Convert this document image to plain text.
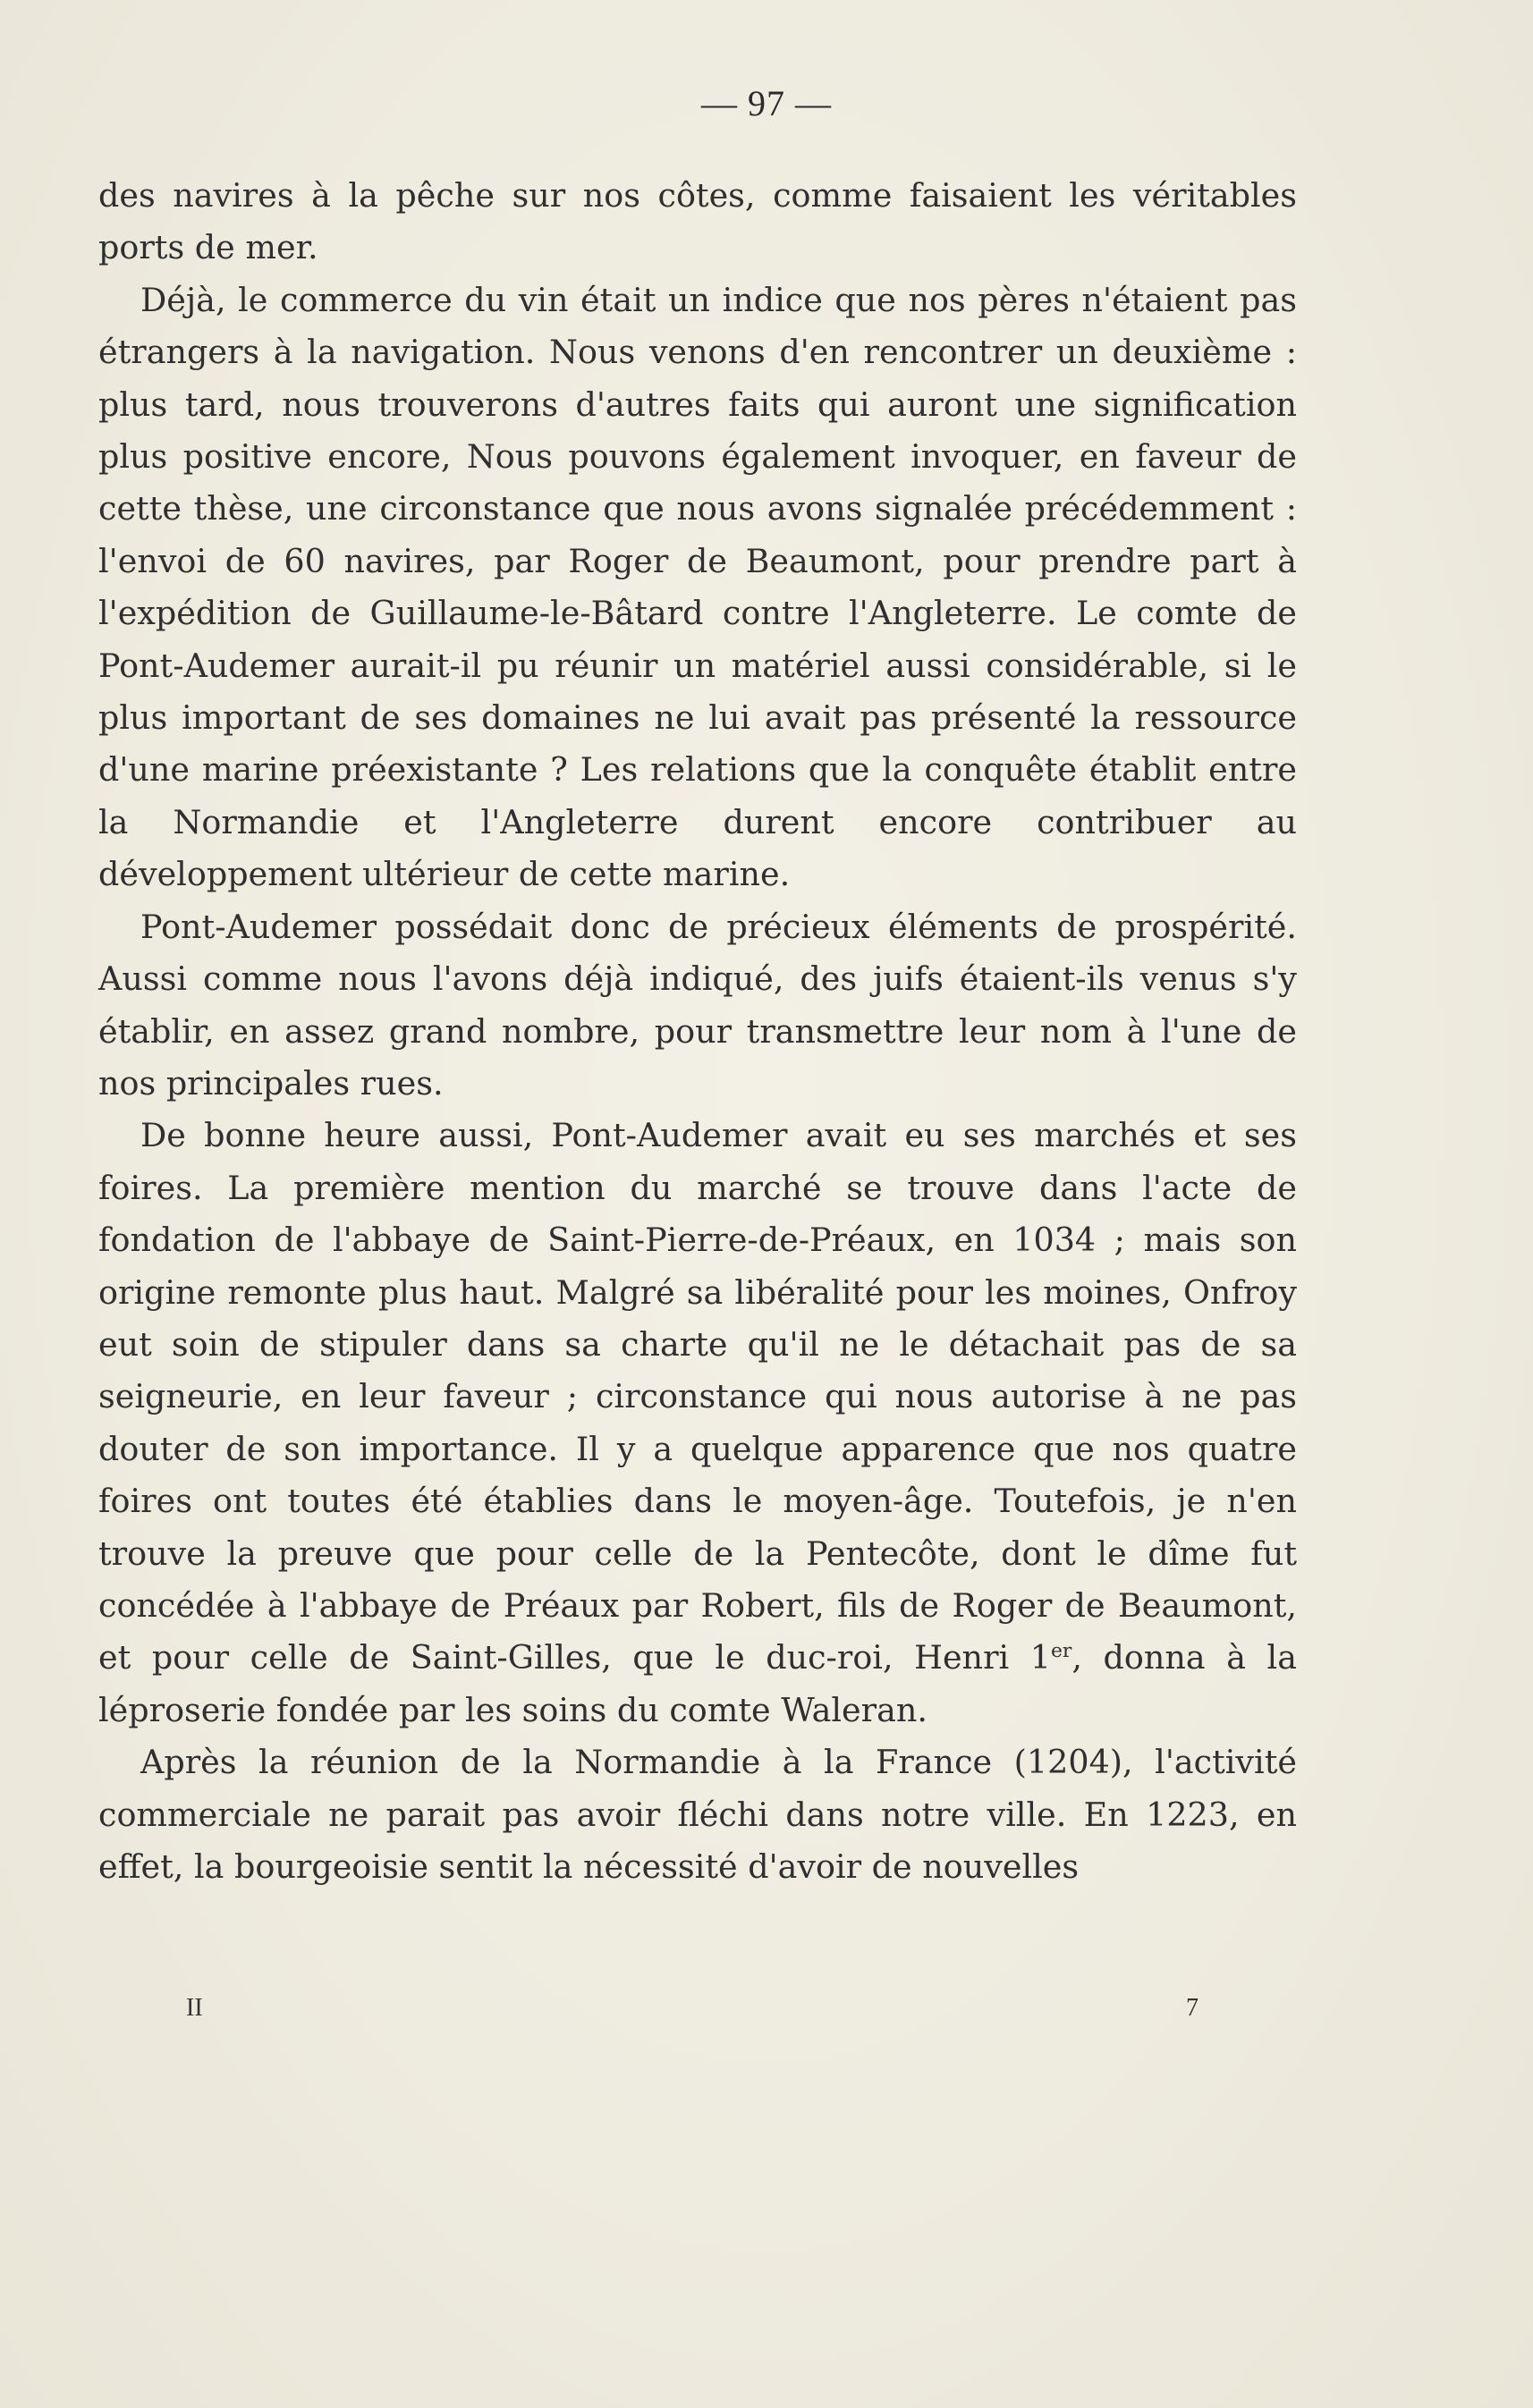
— 97 —

des navires à la pêche sur nos côtes, comme faisaient les véritables ports de mer.

Déjà, le commerce du vin était un indice que nos pères n'étaient pas étrangers à la navigation. Nous venons d'en rencontrer un deuxième : plus tard, nous trouverons d'autres faits qui auront une signification plus positive encore, Nous pouvons également invoquer, en faveur de cette thèse, une circonstance que nous avons signalée précédemment : l'envoi de 60 navires, par Roger de Beaumont, pour prendre part à l'expédition de Guillaume-le-Bâtard contre l'Angleterre. Le comte de Pont-Audemer aurait-il pu réunir un matériel aussi considérable, si le plus important de ses domaines ne lui avait pas présenté la ressource d'une marine préexistante ? Les relations que la conquête établit entre la Normandie et l'Angleterre durent encore contribuer au développement ultérieur de cette marine.

Pont-Audemer possédait donc de précieux éléments de prospérité. Aussi comme nous l'avons déjà indiqué, des juifs étaient-ils venus s'y établir, en assez grand nombre, pour transmettre leur nom à l'une de nos principales rues.

De bonne heure aussi, Pont-Audemer avait eu ses marchés et ses foires. La première mention du marché se trouve dans l'acte de fondation de l'abbaye de Saint-Pierre-de-Préaux, en 1034 ; mais son origine remonte plus haut. Malgré sa libéralité pour les moines, Onfroy eut soin de stipuler dans sa charte qu'il ne le détachait pas de sa seigneurie, en leur faveur ; circonstance qui nous autorise à ne pas douter de son importance. Il y a quelque apparence que nos quatre foires ont toutes été établies dans le moyen-âge. Toutefois, je n'en trouve la preuve que pour celle de la Pentecôte, dont le dîme fut concédée à l'abbaye de Préaux par Robert, fils de Roger de Beaumont, et pour celle de Saint-Gilles, que le duc-roi, Henri 1er, donna à la léproserie fondée par les soins du comte Waleran.

Après la réunion de la Normandie à la France (1204), l'activité commerciale ne parait pas avoir fléchi dans notre ville. En 1223, en effet, la bourgeoisie sentit la nécessité d'avoir de nouvelles

II	7
